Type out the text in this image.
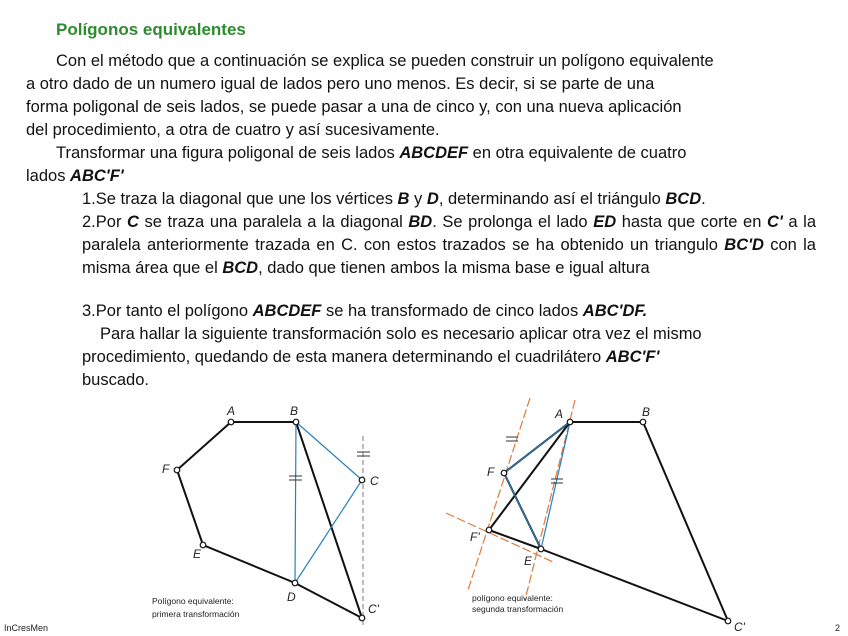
Polígonos equivalentes
Con el método que a continuación se explica se pueden construir un polígono equivalente
a otro dado de un numero igual de lados pero uno menos. Es decir, si se parte de una
forma poligonal de seis lados, se puede pasar a una de cinco y, con una nueva aplicación
del procedimiento, a otra de cuatro y así sucesivamente.
Transformar una figura poligonal de seis lados ABCDEF en otra equivalente de cuatro
lados ABC'F'
1.Se traza la diagonal que une los vértices B y D, determinando así el triángulo BCD.
2.Por C se traza una paralela a la diagonal BD. Se prolonga el lado ED hasta que corte en C' a la paralela anteriormente trazada en C. con estos trazados se ha obtenido un triangulo BC'D con la misma área que el BCD, dado que tienen ambos la misma base e igual altura
3.Por tanto el polígono ABCDEF se ha transformado de cinco lados ABC'DF.
Para hallar la siguiente transformación solo es necesario aplicar otra vez el mismo
procedimiento, quedando de esta manera determinando el cuadrilátero ABC'F'
buscado.
A	B
C
D
E
F
C'
Polígono equivalente:
primera transformación
A	B
F
E
F'
C'
polígono equivalente:
segunda transformación
InCresMen	2
